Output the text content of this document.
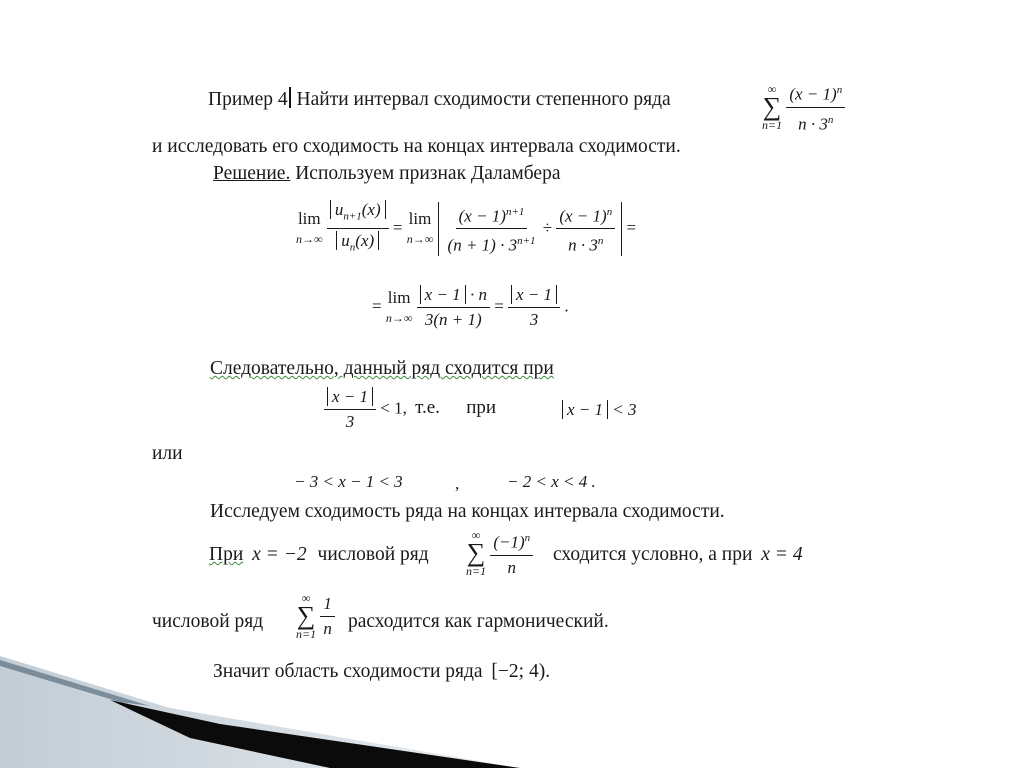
Пример 4 Найти интервал сходимости степенного ряда	∞
∑
n=1
$\frac{(x - 1)^n}{n \cdot 3^n}$
и исследовать его сходимость на концах интервала сходимости.
Решение. Используем признак Даламбера
lim
n→∞
$\frac{u_{n+1}(x)}{u_n(x)} = \lim$
n→∞
$\frac{(x - 1)^{n+1}}{(n + 1) \cdot 3^{n+1}} \div \frac{(x - 1)^n}{n \cdot 3^n}$ =
= lim
n→∞
$\frac{x - 1 \cdot n}{3(n + 1)} = \frac{x - 1}{3}$ .
Следовательно, данный ряд сходится при
$\frac{x - 1}{3} < 1$, т.е. при	x − 1 < 3
или
− 3 < x − 1 < 3	,	− 2 < x < 4 .
Исследуем сходимость ряда на концах интервала сходимости.
При x = −2 числовой ряд
∞
∑
n=1
$\frac{(-1)^n}{n}$ сходится условно, а при x = 4
числовой ряд
∞
∑
n=1
$\frac{1}{n}$ расходится как гармонический.
Значит область сходимости ряда [−2; 4).
